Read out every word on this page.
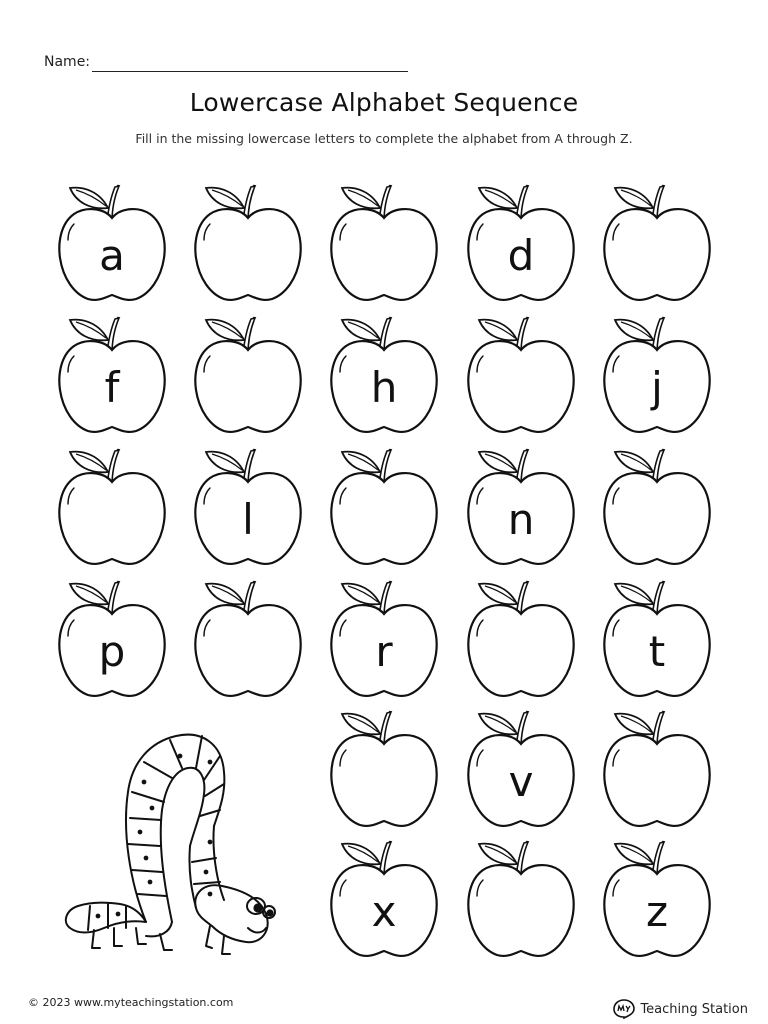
Name:
Lowercase Alphabet Sequence
Fill in the missing lowercase letters to complete the alphabet from A through Z.
a	d
f	h	j
l	n
p	r	t
v
x	z
© 2023 www.myteachingstation.com	Teaching Station
